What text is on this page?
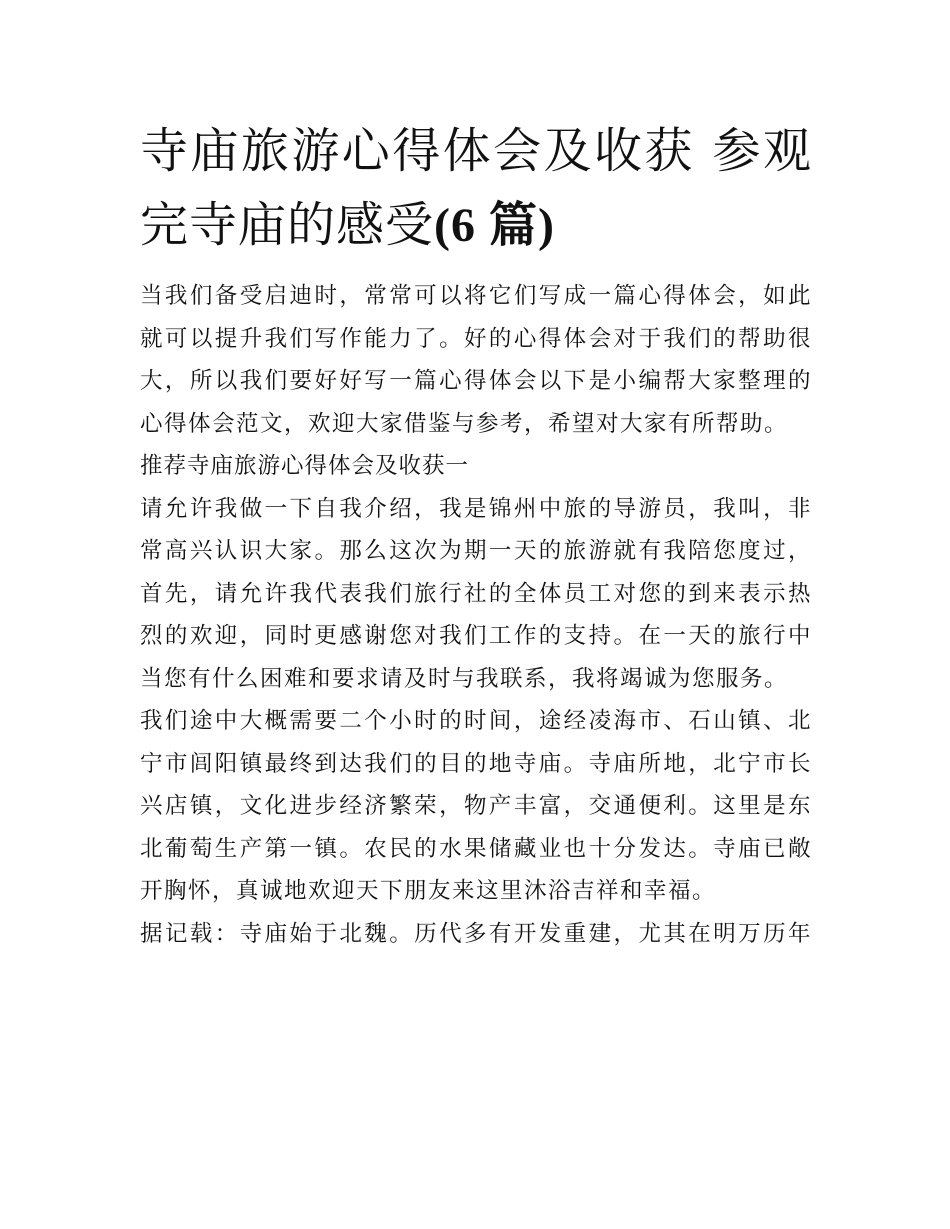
寺庙旅游心得体会及收获 参观
完寺庙的感受(6 篇)

当我们备受启迪时，常常可以将它们写成一篇心得体会，如此
就可以提升我们写作能力了。好的心得体会对于我们的帮助很
大，所以我们要好好写一篇心得体会以下是小编帮大家整理的
心得体会范文，欢迎大家借鉴与参考，希望对大家有所帮助。

推荐寺庙旅游心得体会及收获一

请允许我做一下自我介绍，我是锦州中旅的导游员，我叫，非
常高兴认识大家。那么这次为期一天的旅游就有我陪您度过，
首先，请允许我代表我们旅行社的全体员工对您的到来表示热
烈的欢迎，同时更感谢您对我们工作的支持。在一天的旅行中
当您有什么困难和要求请及时与我联系，我将竭诚为您服务。

我们途中大概需要二个小时的时间，途经凌海市、石山镇、北
宁市闾阳镇最终到达我们的目的地寺庙。寺庙所地，北宁市长
兴店镇，文化进步经济繁荣，物产丰富，交通便利。这里是东
北葡萄生产第一镇。农民的水果储藏业也十分发达。寺庙已敞
开胸怀，真诚地欢迎天下朋友来这里沐浴吉祥和幸福。

据记载：寺庙始于北魏。历代多有开发重建，尤其在明万历年
